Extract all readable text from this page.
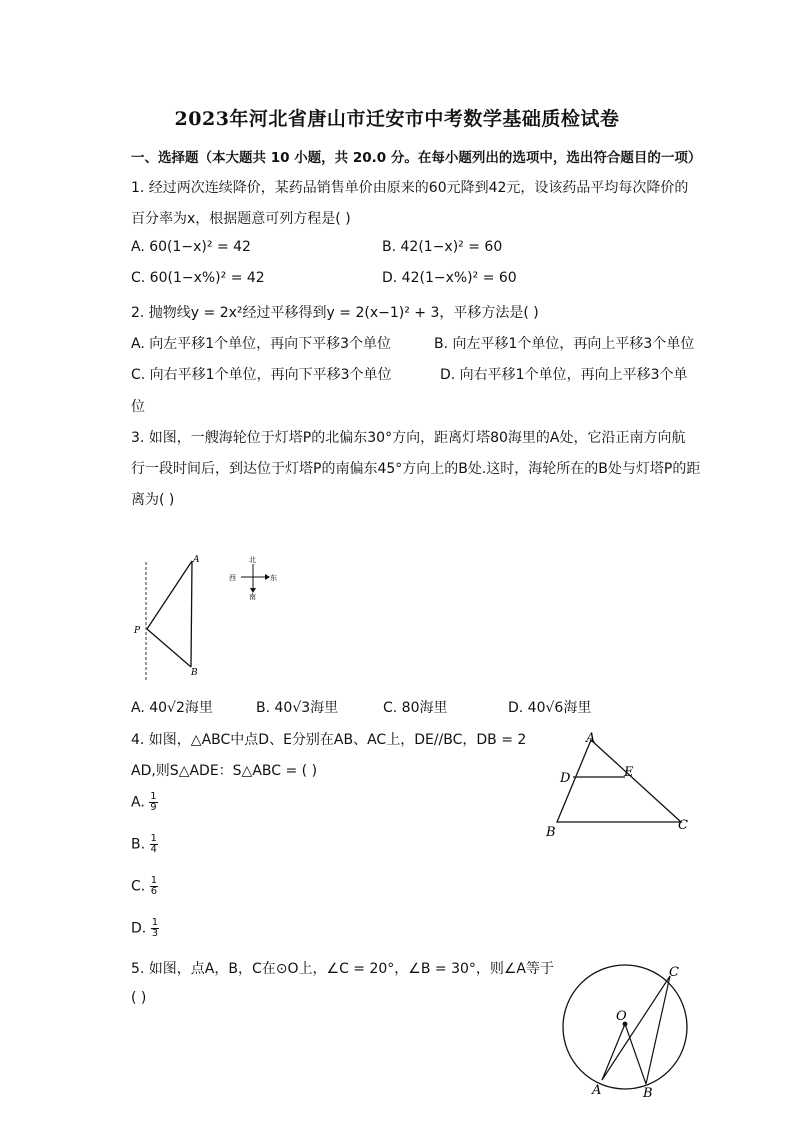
2023年河北省唐山市迁安市中考数学基础质检试卷
一、选择题（本大题共 10 小题，共 20.0 分。在每小题列出的选项中，选出符合题目的一项）
1. 经过两次连续降价，某药品销售单价由原来的60元降到42元，设该药品平均每次降价的
百分率为x，根据题意可列方程是( )
A. 60(1−x)² = 42	B. 42(1−x)² = 60
C. 60(1−x%)² = 42	D. 42(1−x%)² = 60
2. 抛物线y = 2x²经过平移得到y = 2(x−1)² + 3，平移方法是( )
A. 向左平移1个单位，再向下平移3个单位	B. 向左平移1个单位，再向上平移3个单位
C. 向右平移1个单位，再向下平移3个单位	D. 向右平移1个单位，再向上平移3个单
位
3. 如图，一艘海轮位于灯塔P的北偏东30°方向，距离灯塔80海里的A处，它沿正南方向航
行一段时间后，到达位于灯塔P的南偏东45°方向上的B处.这时，海轮所在的B处与灯塔P的距
离为( )
A
P
B
北
南
西	东
A. 40√2海里	B. 40√3海里	C. 80海里	D. 40√6海里
4. 如图，△ABC中点D、E分别在AB、AC上，DE//BC，DB = 2
AD,则S△ADE：S△ABC = ( )
A. $\frac{1}{9}$
B. $\frac{1}{4}$
C. $\frac{1}{6}$
D. $\frac{1}{3}$
A
D	E
B	C
5. 如图，点A，B，C在⊙O上，∠C = 20°，∠B = 30°，则∠A等于
( )
O
A	B
C
